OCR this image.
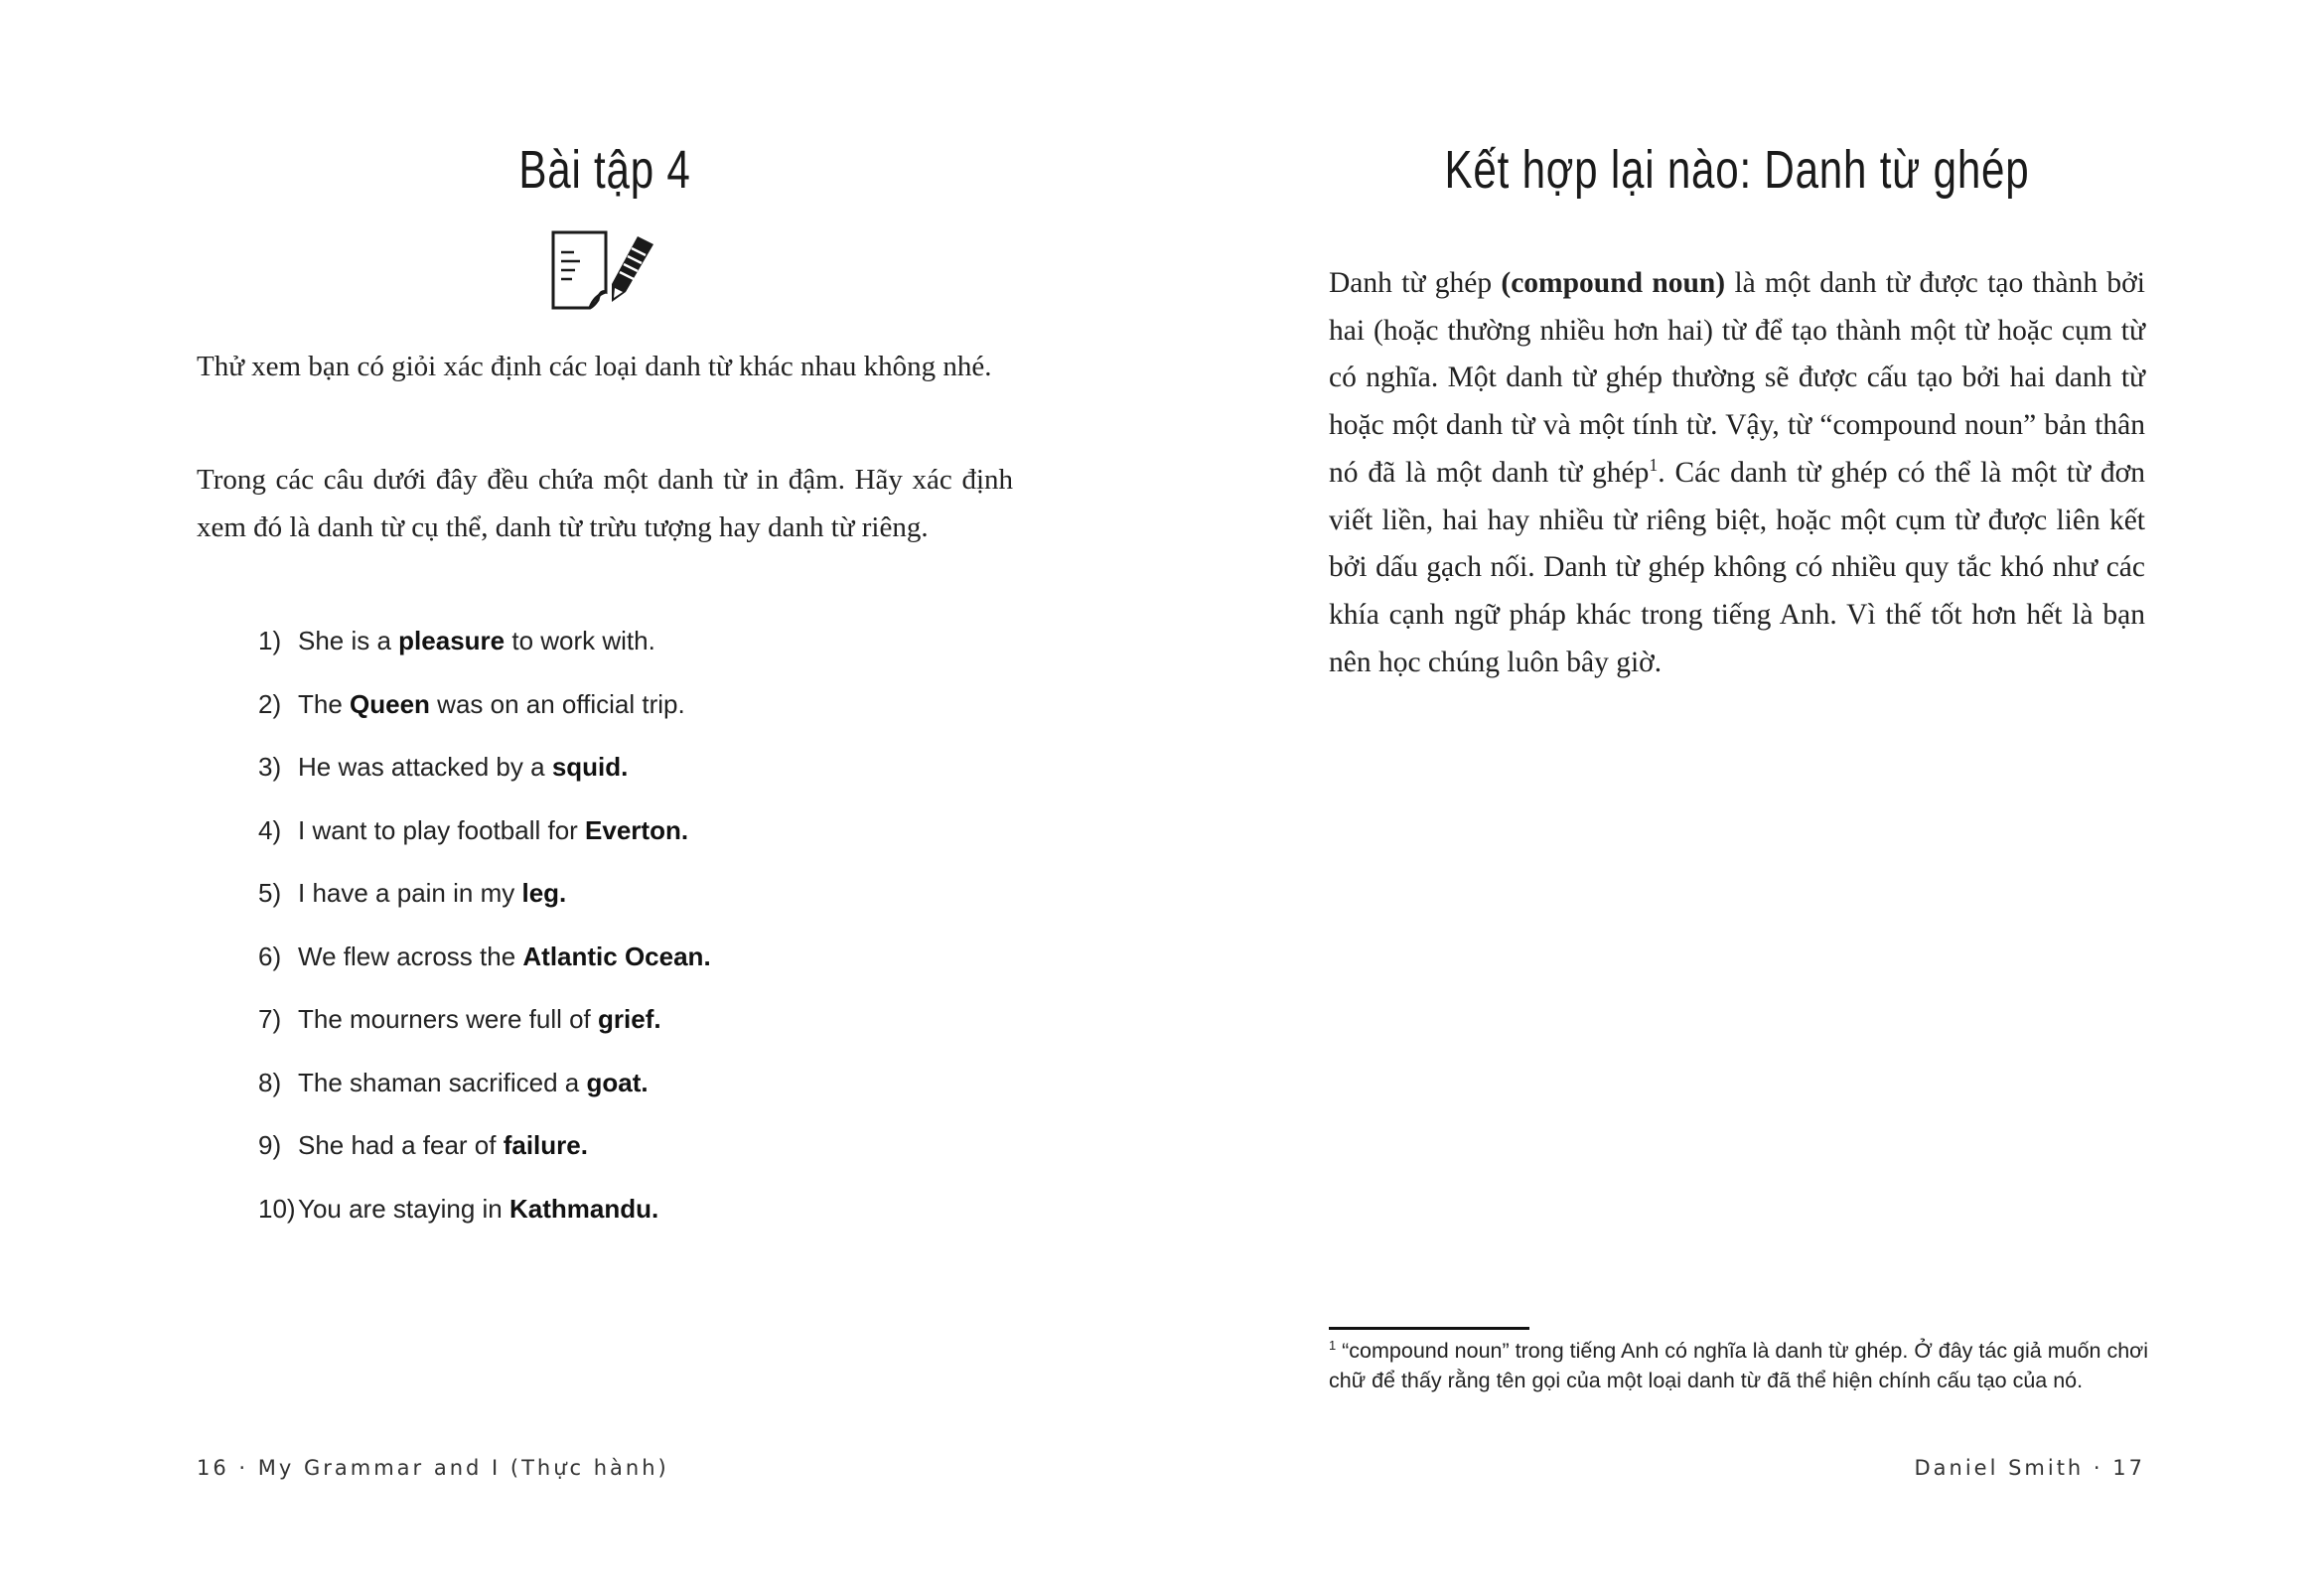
Bài tập 4

Thử xem bạn có giỏi xác định các loại danh từ khác nhau không nhé.

Trong các câu dưới đây đều chứa một danh từ in đậm. Hãy xác định xem đó là danh từ cụ thể, danh từ trừu tượng hay danh từ riêng.

1) She is a pleasure to work with.
2) The Queen was on an official trip.
3) He was attacked by a squid.
4) I want to play football for Everton.
5) I have a pain in my leg.
6) We flew across the Atlantic Ocean.
7) The mourners were full of grief.
8) The shaman sacrificed a goat.
9) She had a fear of failure.
10)You are staying in Kathmandu.
16 · My Grammar and I (Thực hành)
Kết hợp lại nào: Danh từ ghép

Danh từ ghép (compound noun) là một danh từ được tạo thành bởi hai (hoặc thường nhiều hơn hai) từ để tạo thành một từ hoặc cụm từ có nghĩa. Một danh từ ghép thường sẽ được cấu tạo bởi hai danh từ hoặc một danh từ và một tính từ. Vậy, từ “compound noun” bản thân nó đã là một danh từ ghép$^1$. Các danh từ ghép có thể là một từ đơn viết liền, hai hay nhiều từ riêng biệt, hoặc một cụm từ được liên kết bởi dấu gạch nối. Danh từ ghép không có nhiều quy tắc khó như các khía cạnh ngữ pháp khác trong tiếng Anh. Vì thế tốt hơn hết là bạn nên học chúng luôn bây giờ.

$^1$ “compound noun” trong tiếng Anh có nghĩa là danh từ ghép. Ở đây tác giả muốn chơi chữ để thấy rằng tên gọi của một loại danh từ đã thể hiện chính cấu tạo của nó.
Daniel Smith · 17
